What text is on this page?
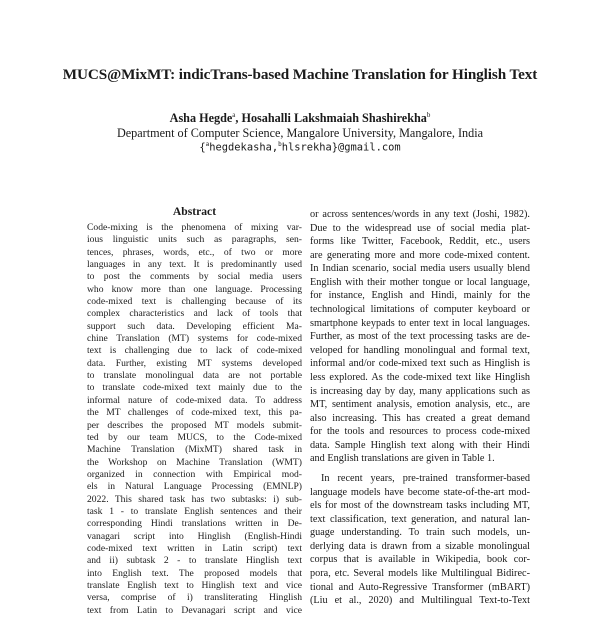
MUCS@MixMT: indicTrans-based Machine Translation for Hinglish Text
Asha Hegde$^a$, Hosahalli Lakshmaiah Shashirekha$^b$
Department of Computer Science, Mangalore University, Mangalore, India
{$^a$hegdekasha,$^b$hlsrekha}@gmail.com
Abstract
Code-mixing is the phenomena of mixing var-
ious linguistic units such as paragraphs, sen-
tences, phrases, words, etc., of two or more
languages in any text. It is predominantly used
to post the comments by social media users
who know more than one language. Processing
code-mixed text is challenging because of its
complex characteristics and lack of tools that
support such data. Developing efficient Ma-
chine Translation (MT) systems for code-mixed
text is challenging due to lack of code-mixed
data. Further, existing MT systems developed
to translate monolingual data are not portable
to translate code-mixed text mainly due to the
informal nature of code-mixed data. To address
the MT challenges of code-mixed text, this pa-
per describes the proposed MT models submit-
ted by our team MUCS, to the Code-mixed
Machine Translation (MixMT) shared task in
the Workshop on Machine Translation (WMT)
organized in connection with Empirical mod-
els in Natural Language Processing (EMNLP)
2022. This shared task has two subtasks: i) sub-
task 1 - to translate English sentences and their
corresponding Hindi translations written in De-
vanagari script into Hinglish (English-Hindi
code-mixed text written in Latin script) text
and ii) subtask 2 - to translate Hinglish text
into English text. The proposed models that
translate English text to Hinglish text and vice
versa, comprise of i) transliterating Hinglish
text from Latin to Devanagari script and vice
or across sentences/words in any text (Joshi, 1982).
Due to the widespread use of social media plat-
forms like Twitter, Facebook, Reddit, etc., users
are generating more and more code-mixed content.
In Indian scenario, social media users usually blend
English with their mother tongue or local language,
for instance, English and Hindi, mainly for the
technological limitations of computer keyboard or
smartphone keypads to enter text in local languages.
Further, as most of the text processing tasks are de-
veloped for handling monolingual and formal text,
informal and/or code-mixed text such as Hinglish is
less explored. As the code-mixed text like Hinglish
is increasing day by day, many applications such as
MT, sentiment analysis, emotion analysis, etc., are
also increasing. This has created a great demand
for the tools and resources to process code-mixed
data. Sample Hinglish text along with their Hindi
and English translations are given in Table 1.
In recent years, pre-trained transformer-based
language models have become state-of-the-art mod-
els for most of the downstream tasks including MT,
text classification, text generation, and natural lan-
guage understanding. To train such models, un-
derlying data is drawn from a sizable monolingual
corpus that is available in Wikipedia, book cor-
pora, etc. Several models like Multilingual Bidirec-
tional and Auto-Regressive Transformer (mBART)
(Liu et al., 2020) and Multilingual Text-to-Text
